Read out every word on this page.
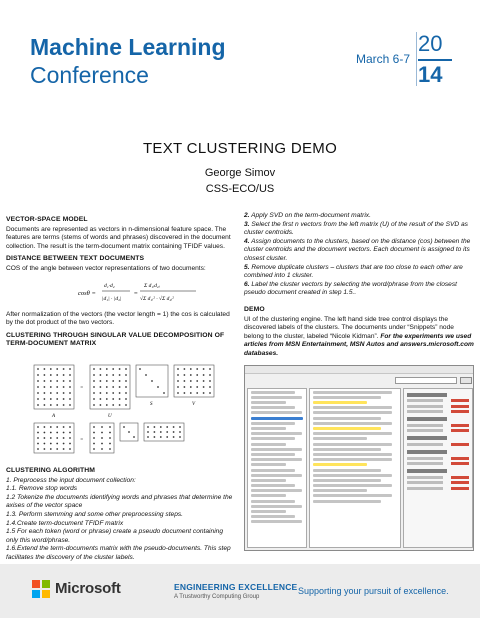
Machine Learning
Conference
March 6-7
20
14
TEXT CLUSTERING DEMO
George Simov
CSS-ECO/US
VECTOR-SPACE MODEL
Documents are represented as vectors in n-dimensional feature space. The features are terms (stems of words and phrases) discovered in the document collection. The result is the term-document matrix containing TFIDF values.
DISTANCE BETWEEN TEXT DOCUMENTS
COS of the angle between vector representations of two documents:
cosθ =
d₁·d₂
|d₁| · |d₂|
=
Σ d₁ᵢd₂ᵢ
√Σ d₁ᵢ² · √Σ d₂ᵢ²
After normalization of the vectors (the vector length = 1) the cos is calculated by the dot product of the two vectors.
CLUSTERING THROUGH SINGULAR VALUE DECOMPOSITION OF TERM-DOCUMENT MATRIX
=
A	U
S	V
=
CLUSTERING ALGORITHM
1. Preprocess the input document collection:
1.1. Remove stop words
1.2 Tokenize the documents identifying words and phrases that determine the axises of the vector space
1.3. Perform stemming and some other preprocessing steps.
1.4.Create term-document TFIDF matrix
1.5 For each token (word or phrase) create a pseudo document containing only this word/phrase.
1.6.Extend the term-documents matrix with the pseudo-documents. This step facilitates the discovery of the cluster labels.
2. Apply SVD on the term-document matrix.
3. Select the first n vectors from the left matrix (U) of the result of the SVD as cluster centroids.
4. Assign documents to the clusters, based on the distance (cos) between the cluster centroids and the document vectors. Each document is assigned to its closest cluster.
5. Remove duplicate clusters – clusters that are too close to each other are combined into 1 cluster.
6. Label the cluster vectors by selecting the word/phrase from the closest pseudo document created in step 1.5..
DEMO
UI of the clustering engine. The left hand side tree control displays the discovered labels of the clusters. The documents under “Snippets” node belong to the cluster, labeled “Nicole Kidman”. For the experiments we used articles from MSN Entertainment, MSN Autos and answers.microsoft.com databases.
Microsoft	ENGINEERING EXCELLENCE
A Trustworthy Computing Group
Supporting your pursuit of excellence.
